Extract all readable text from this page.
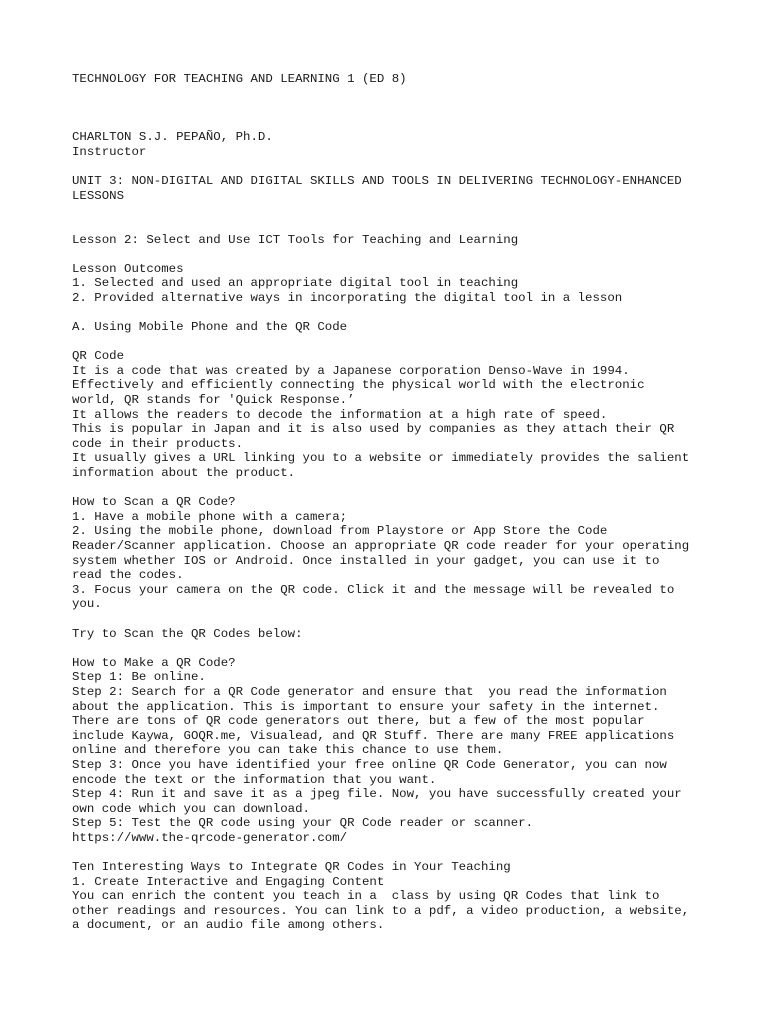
TECHNOLOGY FOR TEACHING AND LEARNING 1 (ED 8)

CHARLTON S.J. PEPAÑO, Ph.D.

Instructor

UNIT 3: NON-DIGITAL AND DIGITAL SKILLS AND TOOLS IN DELIVERING TECHNOLOGY-ENHANCED

LESSONS

Lesson 2: Select and Use ICT Tools for Teaching and Learning

Lesson Outcomes

1. Selected and used an appropriate digital tool in teaching

2. Provided alternative ways in incorporating the digital tool in a lesson

A. Using Mobile Phone and the QR Code

QR Code

It is a code that was created by a Japanese corporation Denso-Wave in 1994.

Effectively and efficiently connecting the physical world with the electronic

world, QR stands for 'Quick Response.’

It allows the readers to decode the information at a high rate of speed.

This is popular in Japan and it is also used by companies as they attach their QR

code in their products.

It usually gives a URL linking you to a website or immediately provides the salient

information about the product.

How to Scan a QR Code?

1. Have a mobile phone with a camera;

2. Using the mobile phone, download from Playstore or App Store the Code

Reader/Scanner application. Choose an appropriate QR code reader for your operating

system whether IOS or Android. Once installed in your gadget, you can use it to

read the codes.

3. Focus your camera on the QR code. Click it and the message will be revealed to

you.

Try to Scan the QR Codes below:

How to Make a QR Code?

Step 1: Be online.

Step 2: Search for a QR Code generator and ensure that  you read the information

about the application. This is important to ensure your safety in the internet.

There are tons of QR code generators out there, but a few of the most popular

include Kaywa, GOQR.me, Visualead, and QR Stuff. There are many FREE applications

online and therefore you can take this chance to use them.

Step 3: Once you have identified your free online QR Code Generator, you can now

encode the text or the information that you want.

Step 4: Run it and save it as a jpeg file. Now, you have successfully created your

own code which you can download.

Step 5: Test the QR code using your QR Code reader or scanner.

https://www.the-qrcode-generator.com/

Ten Interesting Ways to Integrate QR Codes in Your Teaching

1. Create Interactive and Engaging Content

You can enrich the content you teach in a  class by using QR Codes that link to

other readings and resources. You can link to a pdf, a video production, a website,

a document, or an audio file among others.
